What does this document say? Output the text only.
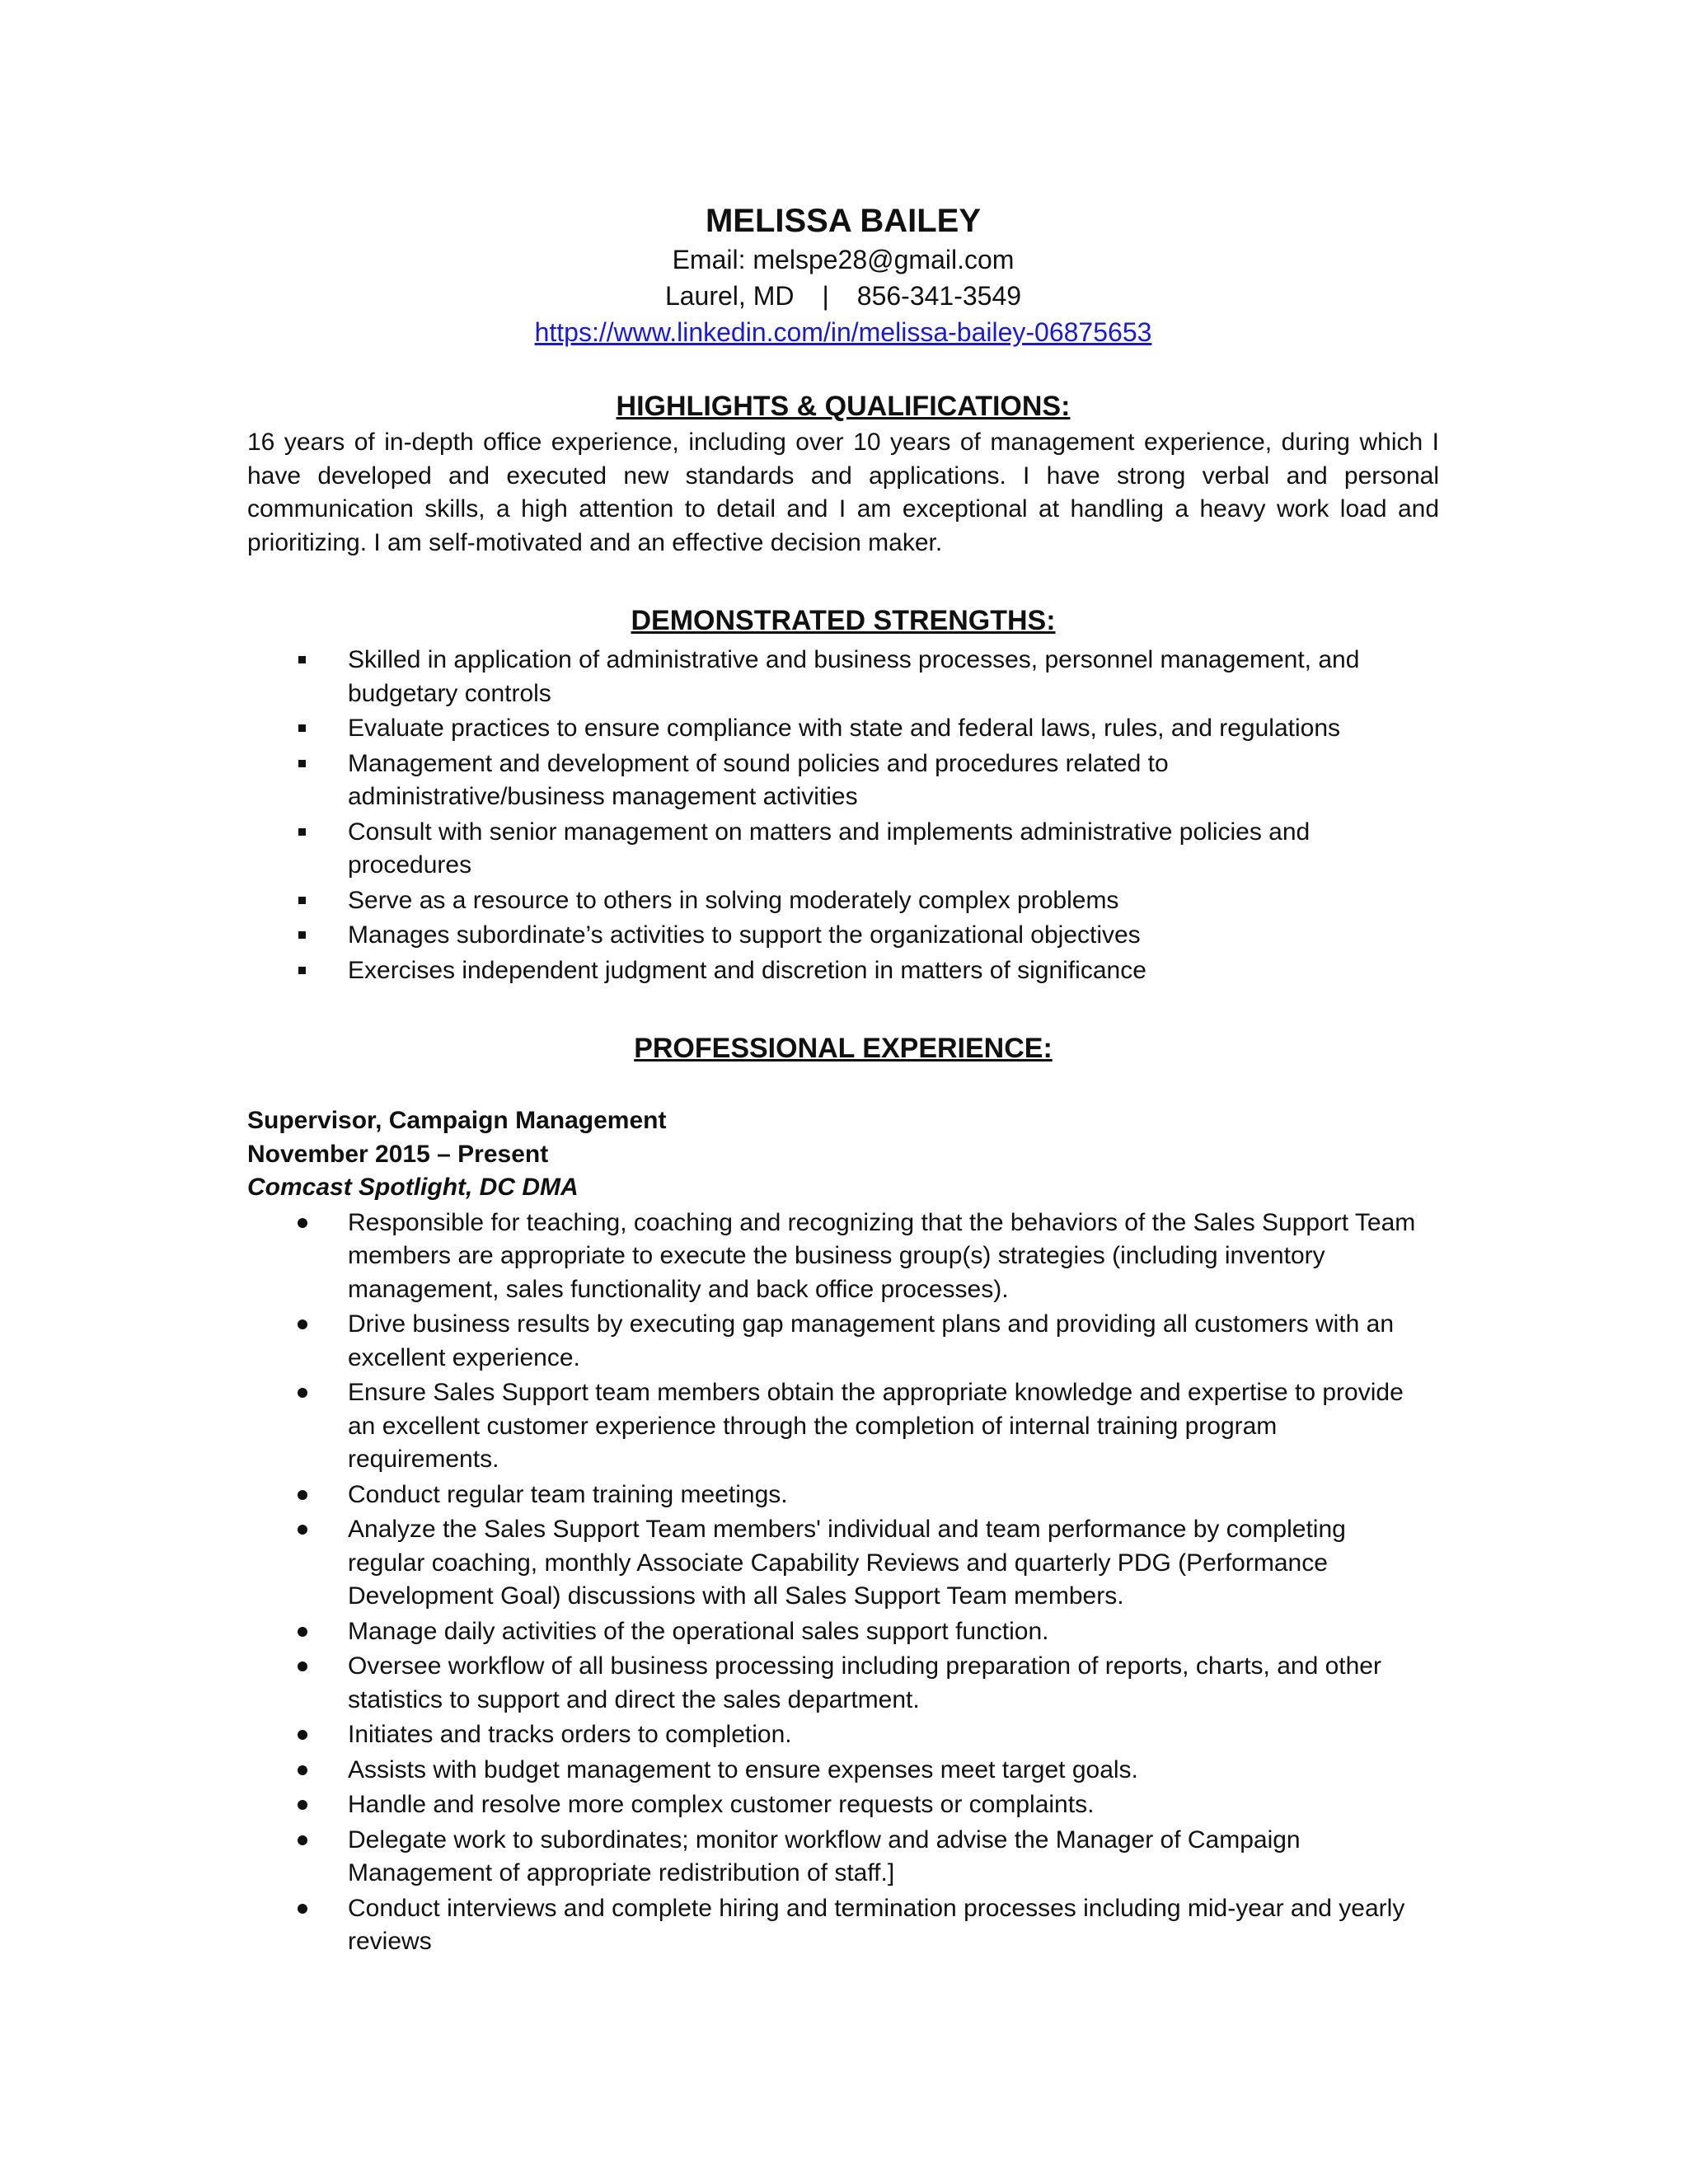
MELISSA BAILEY

Email: melspe28@gmail.com

Laurel, MD | 856-341-3549

https://www.linkedin.com/in/melissa-bailey-06875653

HIGHLIGHTS & QUALIFICATIONS:

16 years of in-depth office experience, including over 10 years of management experience, during which I have developed and executed new standards and applications. I have strong verbal and personal communication skills, a high attention to detail and I am exceptional at handling a heavy work load and prioritizing. I am self-motivated and an effective decision maker.

DEMONSTRATED STRENGTHS:
Skilled in application of administrative and business processes, personnel management, and budgetary controls
Evaluate practices to ensure compliance with state and federal laws, rules, and regulations
Management and development of sound policies and procedures related to administrative/business management activities
Consult with senior management on matters and implements administrative policies and procedures
Serve as a resource to others in solving moderately complex problems
Manages subordinate’s activities to support the organizational objectives
Exercises independent judgment and discretion in matters of significance
PROFESSIONAL EXPERIENCE:

Supervisor, Campaign Management

November 2015 – Present

Comcast Spotlight, DC DMA

Responsible for teaching, coaching and recognizing that the behaviors of the Sales Support Team members are appropriate to execute the business group(s) strategies (including inventory management, sales functionality and back office processes).
Drive business results by executing gap management plans and providing all customers with an excellent experience.
Ensure Sales Support team members obtain the appropriate knowledge and expertise to provide an excellent customer experience through the completion of internal training program requirements.
Conduct regular team training meetings.
Analyze the Sales Support Team members' individual and team performance by completing regular coaching, monthly Associate Capability Reviews and quarterly PDG (Performance Development Goal) discussions with all Sales Support Team members.
Manage daily activities of the operational sales support function.
Oversee workflow of all business processing including preparation of reports, charts, and other statistics to support and direct the sales department.
Initiates and tracks orders to completion.
Assists with budget management to ensure expenses meet target goals.
Handle and resolve more complex customer requests or complaints.
Delegate work to subordinates; monitor workflow and advise the Manager of Campaign Management of appropriate redistribution of staff.]
Conduct interviews and complete hiring and termination processes including mid-year and yearly reviews
